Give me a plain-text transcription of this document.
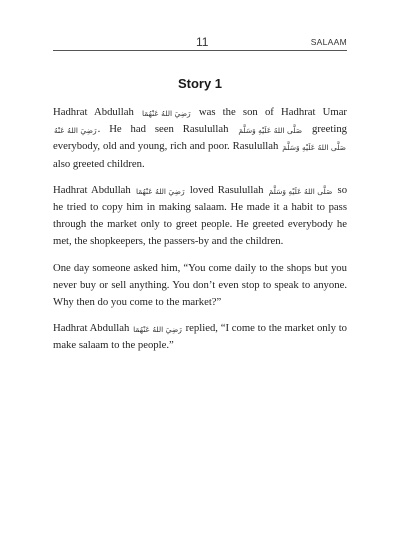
11	SALAAM
Story 1

Hadhrat Abdullah رَضِيَ اللهُ عَنْهُمَا was the son of Hadhrat Umar رَضِيَ اللهُ عَنْهُ. He had seen Rasulullah صَلَّى اللهُ عَلَيْهِ وَسَلَّمَ greeting everybody, old and young, rich and poor. Rasulullah صَلَّى اللهُ عَلَيْهِ وَسَلَّمَ also greeted children.

Hadhrat Abdullah رَضِيَ اللهُ عَنْهُمَا loved Rasulullah صَلَّى اللهُ عَلَيْهِ وَسَلَّمَ so he tried to copy him in making salaam. He made it a habit to pass through the market only to greet people. He greeted everybody he met, the shopkeepers, the passers-by and the children.

One day someone asked him, “You come daily to the shops but you never buy or sell anything. You don’t even stop to speak to anyone. Why then do you come to the market?”

Hadhrat Abdullah رَضِيَ اللهُ عَنْهُمَا replied, “I come to the market only to make salaam to the people.”
